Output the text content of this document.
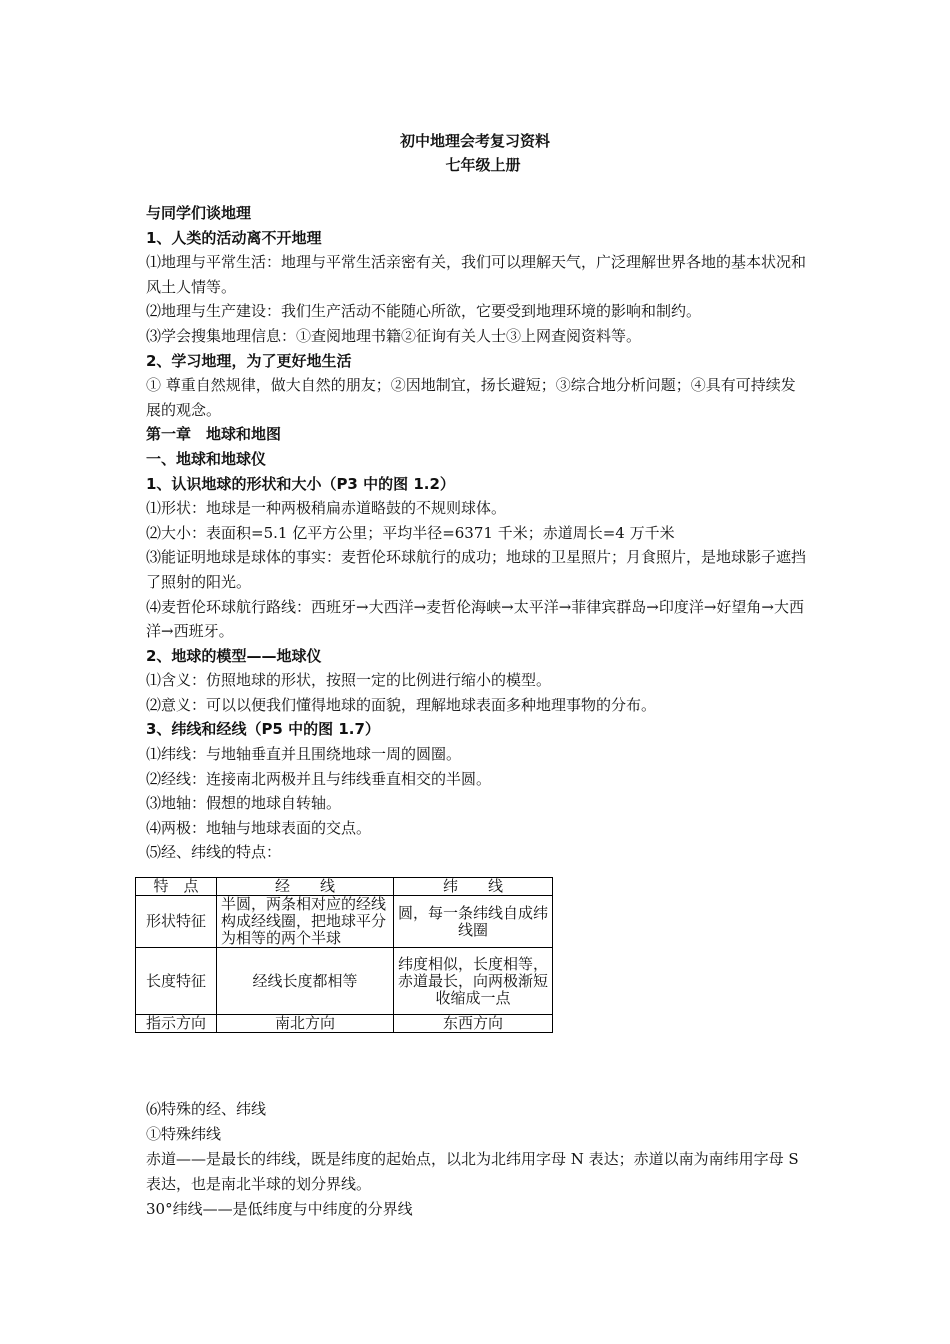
初中地理会考复习资料
七年级上册

与同学们谈地理

1、人类的活动离不开地理

⑴地理与平常生活：地理与平常生活亲密有关，我们可以理解天气，广泛理解世界各地的基本状况和风土人情等。

⑵地理与生产建设：我们生产活动不能随心所欲，它要受到地理环境的影响和制约。

⑶学会搜集地理信息：①查阅地理书籍②征询有关人士③上网查阅资料等。

2、学习地理，为了更好地生活

① 尊重自然规律，做大自然的朋友；②因地制宜，扬长避短；③综合地分析问题；④具有可持续发展的观念。

第一章　地球和地图

一、地球和地球仪

1、认识地球的形状和大小（P3 中的图 1.2）

⑴形状：地球是一种两极稍扁赤道略鼓的不规则球体。

⑵大小：表面积=5.1 亿平方公里；平均半径=6371 千米；赤道周长=4 万千米

⑶能证明地球是球体的事实：麦哲伦环球航行的成功；地球的卫星照片；月食照片，是地球影子遮挡了照射的阳光。

⑷麦哲伦环球航行路线：西班牙→大西洋→麦哲伦海峡→太平洋→菲律宾群岛→印度洋→好望角→大西洋→西班牙。

2、地球的模型——地球仪

⑴含义：仿照地球的形状，按照一定的比例进行缩小的模型。

⑵意义：可以以便我们懂得地球的面貌，理解地球表面多种地理事物的分布。

3、纬线和经线（P5 中的图 1.7）

⑴纬线：与地轴垂直并且围绕地球一周的圆圈。

⑵经线：连接南北两极并且与纬线垂直相交的半圆。

⑶地轴：假想的地球自转轴。

⑷两极：地轴与地球表面的交点。

⑸经、纬线的特点：

特　点	经　　线	纬　　线
形状特征	半圆，两条相对应的经线构成经线圈，把地球平分为相等的两个半球	圆，每一条纬线自成纬线圈
长度特征	经线长度都相等	纬度相似，长度相等，赤道最长，向两极渐短收缩成一点
指示方向	南北方向	东西方向

⑹特殊的经、纬线

①特殊纬线

赤道——是最长的纬线，既是纬度的起始点，以北为北纬用字母 N 表达；赤道以南为南纬用字母 S 表达，也是南北半球的划分界线。

30°纬线——是低纬度与中纬度的分界线
